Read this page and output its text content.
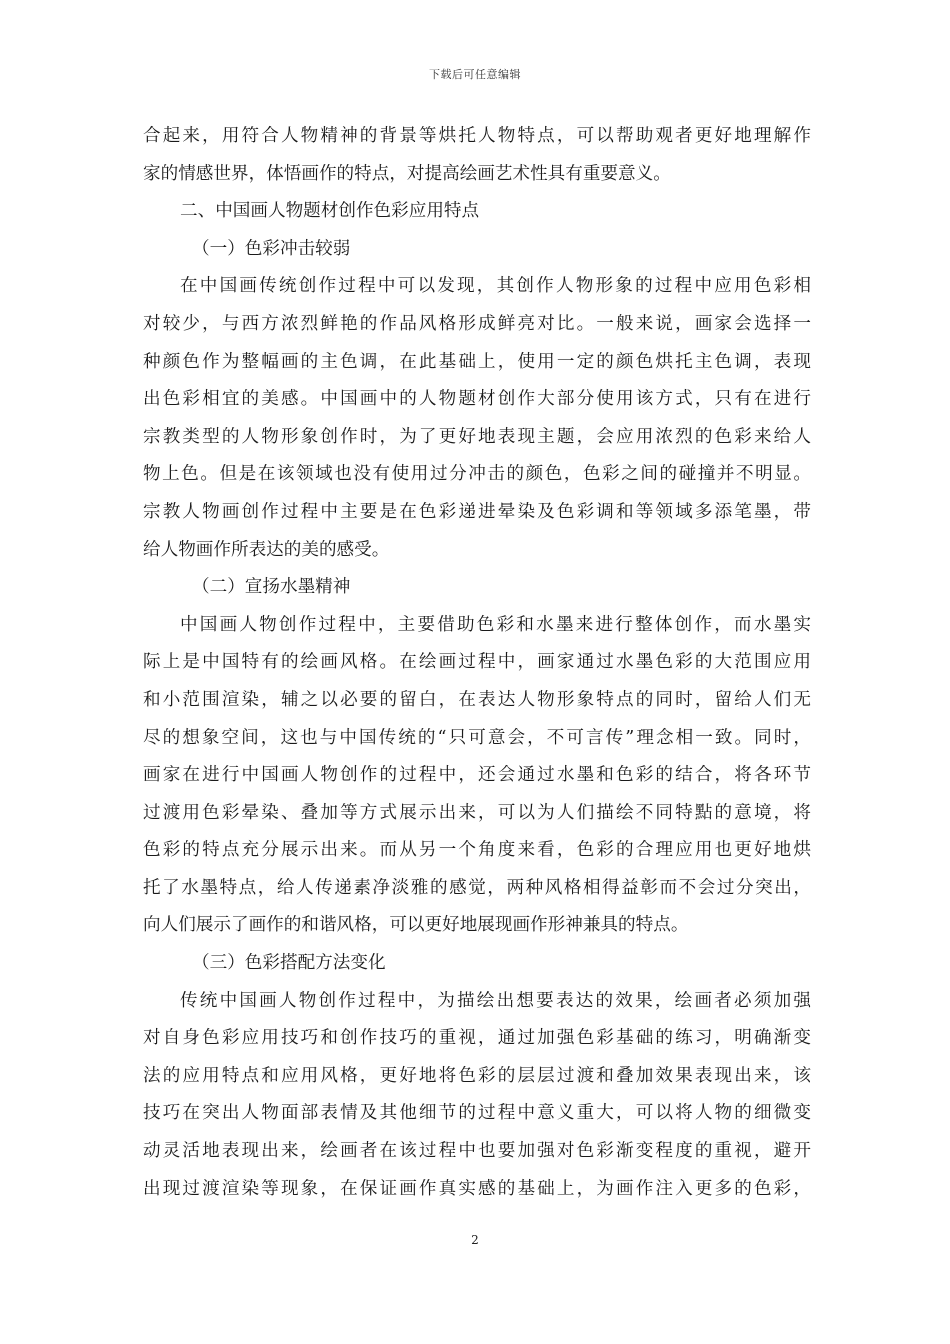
下载后可任意编辑
合起来，用符合人物精神的背景等烘托人物特点，可以帮助观者更好地理解作
家的情感世界，体悟画作的特点，对提高绘画艺术性具有重要意义。
二、中国画人物题材创作色彩应用特点
（一）色彩冲击较弱
在中国画传统创作过程中可以发现，其创作人物形象的过程中应用色彩相
对较少，与西方浓烈鲜艳的作品风格形成鲜亮对比。一般来说，画家会选择一
种颜色作为整幅画的主色调，在此基础上，使用一定的颜色烘托主色调，表现
出色彩相宜的美感。中国画中的人物题材创作大部分使用该方式，只有在进行
宗教类型的人物形象创作时，为了更好地表现主题，会应用浓烈的色彩来给人
物上色。但是在该领域也没有使用过分冲击的颜色，色彩之间的碰撞并不明显。
宗教人物画创作过程中主要是在色彩递进晕染及色彩调和等领域多添笔墨，带
给人物画作所表达的美的感受。
（二）宣扬水墨精神
中国画人物创作过程中，主要借助色彩和水墨来进行整体创作，而水墨实
际上是中国特有的绘画风格。在绘画过程中，画家通过水墨色彩的大范围应用
和小范围渲染，辅之以必要的留白，在表达人物形象特点的同时，留给人们无
尽的想象空间，这也与中国传统的“只可意会，不可言传”理念相一致。同时，
画家在进行中国画人物创作的过程中，还会通过水墨和色彩的结合，将各环节
过渡用色彩晕染、叠加等方式展示出来，可以为人们描绘不同特點的意境，将
色彩的特点充分展示出来。而从另一个角度来看，色彩的合理应用也更好地烘
托了水墨特点，给人传递素净淡雅的感觉，两种风格相得益彰而不会过分突出，
向人们展示了画作的和谐风格，可以更好地展现画作形神兼具的特点。
（三）色彩搭配方法变化
传统中国画人物创作过程中，为描绘出想要表达的效果，绘画者必须加强
对自身色彩应用技巧和创作技巧的重视，通过加强色彩基础的练习，明确渐变
法的应用特点和应用风格，更好地将色彩的层层过渡和叠加效果表现出来，该
技巧在突出人物面部表情及其他细节的过程中意义重大，可以将人物的细微变
动灵活地表现出来，绘画者在该过程中也要加强对色彩渐变程度的重视，避开
出现过渡渲染等现象，在保证画作真实感的基础上，为画作注入更多的色彩，
2
